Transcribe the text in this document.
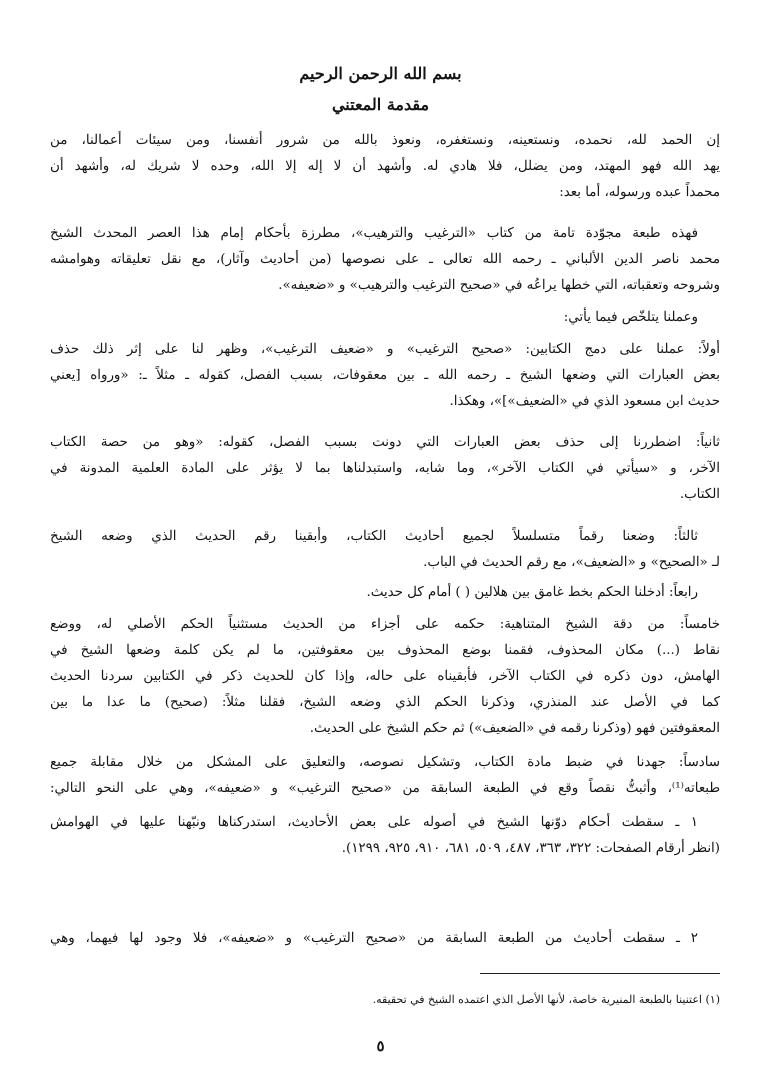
بسم الله الرحمن الرحيم
مقدمة المعتني

إن الحمد لله، نحمده، ونستعينه، ونستغفره، ونعوذ بالله من شرور أنفسنا، ومن سيئات أعمالنا، من

يهد الله فهو المهتد، ومن يضلل، فلا هادي له. وأشهد أن لا إله إلا الله، وحده لا شريك له، وأشهد أن

محمداً عبده ورسوله، أما بعد:

فهذه طبعة مجوّدة تامة من كتاب «الترغيب والترهيب»، مطرزة بأحكام إمام هذا العصر المحدث الشيخ

محمد ناصر الدين الألباني ـ رحمه الله تعالى ـ على نصوصها (من أحاديث وآثار)، مع نقل تعليقاته وهوامشه

وشروحه وتعقباته، التي خطها يراعُه في «صحيح الترغيب والترهيب» و «ضعيفه».

وعملنا يتلخّص فيما يأتي:

أولاً: عملنا على دمج الكتابين: «صحيح الترغيب» و «ضعيف الترغيب»، وظهر لنا على إثر ذلك حذف

بعض العبارات التي وضعها الشيخ ـ رحمه الله ـ بين معقوفات، بسبب الفصل، كقوله ـ مثلاً ـ: «ورواه [يعني

حديث ابن مسعود الذي في «الضعيف»]»، وهكذا.

ثانياً: اضطررنا إلى حذف بعض العبارات التي دونت بسبب الفصل، كقوله: «وهو من حصة الكتاب

الآخر، و «سيأتي في الكتاب الآخر»، وما شابه، واستبدلناها بما لا يؤثر على المادة العلمية المدونة في

الكتاب.

ثالثاً: وضعنا رقماً متسلسلاً لجميع أحاديث الكتاب، وأبقينا رقم الحديث الذي وضعه الشيخ

لـ «الصحيح» و «الضعيف»، مع رقم الحديث في الباب.

رابعاً: أدخلنا الحكم بخط غامق بين هلالين ( ) أمام كل حديث.

خامساً: من دقة الشيخ المتناهية: حكمه على أجزاء من الحديث مستثنياً الحكم الأصلي له، ووضع

نقاط (...) مكان المحذوف، فقمنا بوضع المحذوف بين معقوفتين، ما لم يكن كلمة وضعها الشيخ في

الهامش، دون ذكره في الكتاب الآخر، فأبقيناه على حاله، وإذا كان للحديث ذكر في الكتابين سردنا الحديث

كما في الأصل عند المنذري، وذكرنا الحكم الذي وضعه الشيخ، فقلنا مثلاً: (صحيح) ما عدا ما بين

المعقوفتين فهو (وذكرنا رقمه في «الضعيف») ثم حكم الشيخ على الحديث.

سادساً: جهدنا في ضبط مادة الكتاب، وتشكيل نصوصه، والتعليق على المشكل من خلال مقابلة جميع

طبعاته⁽¹⁾، وأثبتُّ نقصاً وقع في الطبعة السابقة من «صحيح الترغيب» و «ضعيفه»، وهي على النحو التالي:

١ ـ سقطت أحكام دوّنها الشيخ في أصوله على بعض الأحاديث، استدركناها ونبّهنا عليها في الهوامش

(انظر أرقام الصفحات: ٣٢٢، ٣٦٣، ٤٨٧، ٥٠٩، ٦٨١، ٩١٠، ٩٢٥، ١٢٩٩).

٢ ـ سقطت أحاديث من الطبعة السابقة من «صحيح الترغيب» و «ضعيفه»، فلا وجود لها فيهما، وهي

(١) اعتنينا بالطبعة المنيرية خاصة، لأنها الأصل الذي اعتمده الشيخ في تحقيقه.

٥
